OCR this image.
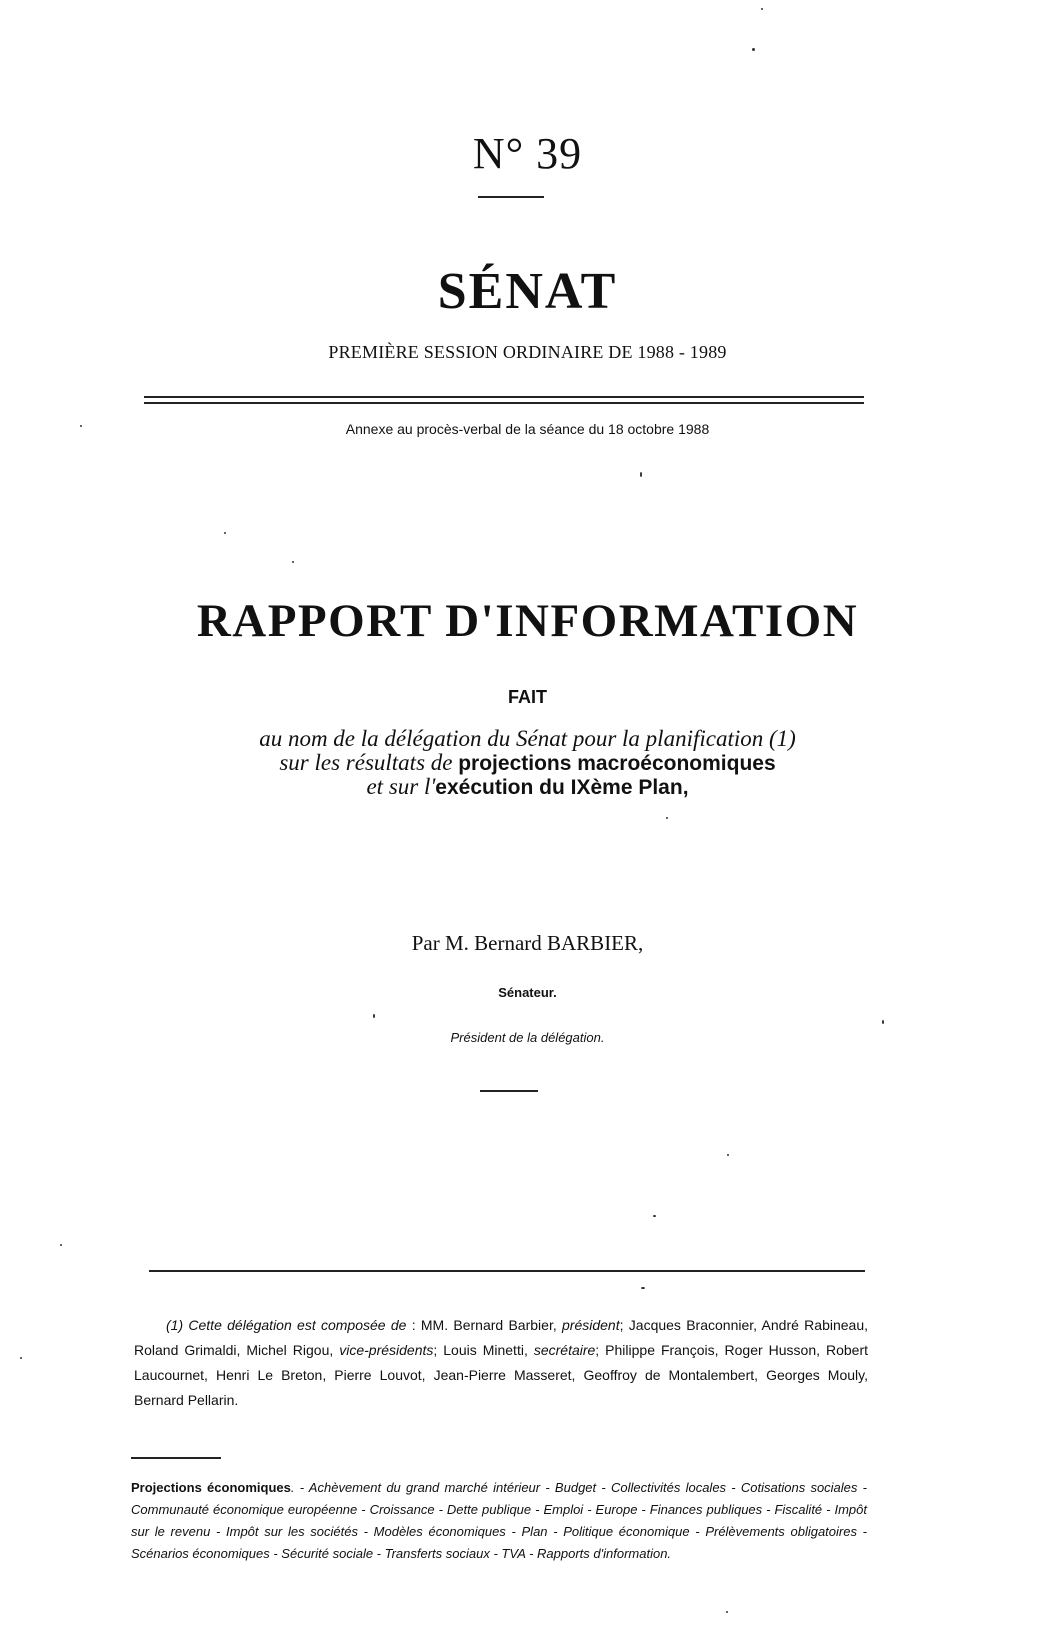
N° 39
SÉNAT
PREMIÈRE SESSION ORDINAIRE DE 1988 - 1989
Annexe au procès-verbal de la séance du 18 octobre 1988
RAPPORT D'INFORMATION
FAIT
au nom de la délégation du Sénat pour la planification (1)
sur les résultats de projections macroéconomiques
et sur l'exécution du IXème Plan,
Par M. Bernard BARBIER,
Sénateur.
Président de la délégation.
(1) Cette délégation est composée de : MM. Bernard Barbier, président; Jacques Braconnier, André Rabineau, Roland Grimaldi, Michel Rigou, vice-présidents; Louis Minetti, secrétaire; Philippe François, Roger Husson, Robert Laucournet, Henri Le Breton, Pierre Louvot, Jean-Pierre Masseret, Geoffroy de Montalembert, Georges Mouly, Bernard Pellarin.
Projections économiques. - Achèvement du grand marché intérieur - Budget - Collectivités locales - Cotisations sociales - Communauté économique européenne - Croissance - Dette publique - Emploi - Europe - Finances publiques - Fiscalité - Impôt sur le revenu - Impôt sur les sociétés - Modèles économiques - Plan - Politique économique - Prélèvements obligatoires - Scénarios économiques - Sécurité sociale - Transferts sociaux - TVA - Rapports d'information.
